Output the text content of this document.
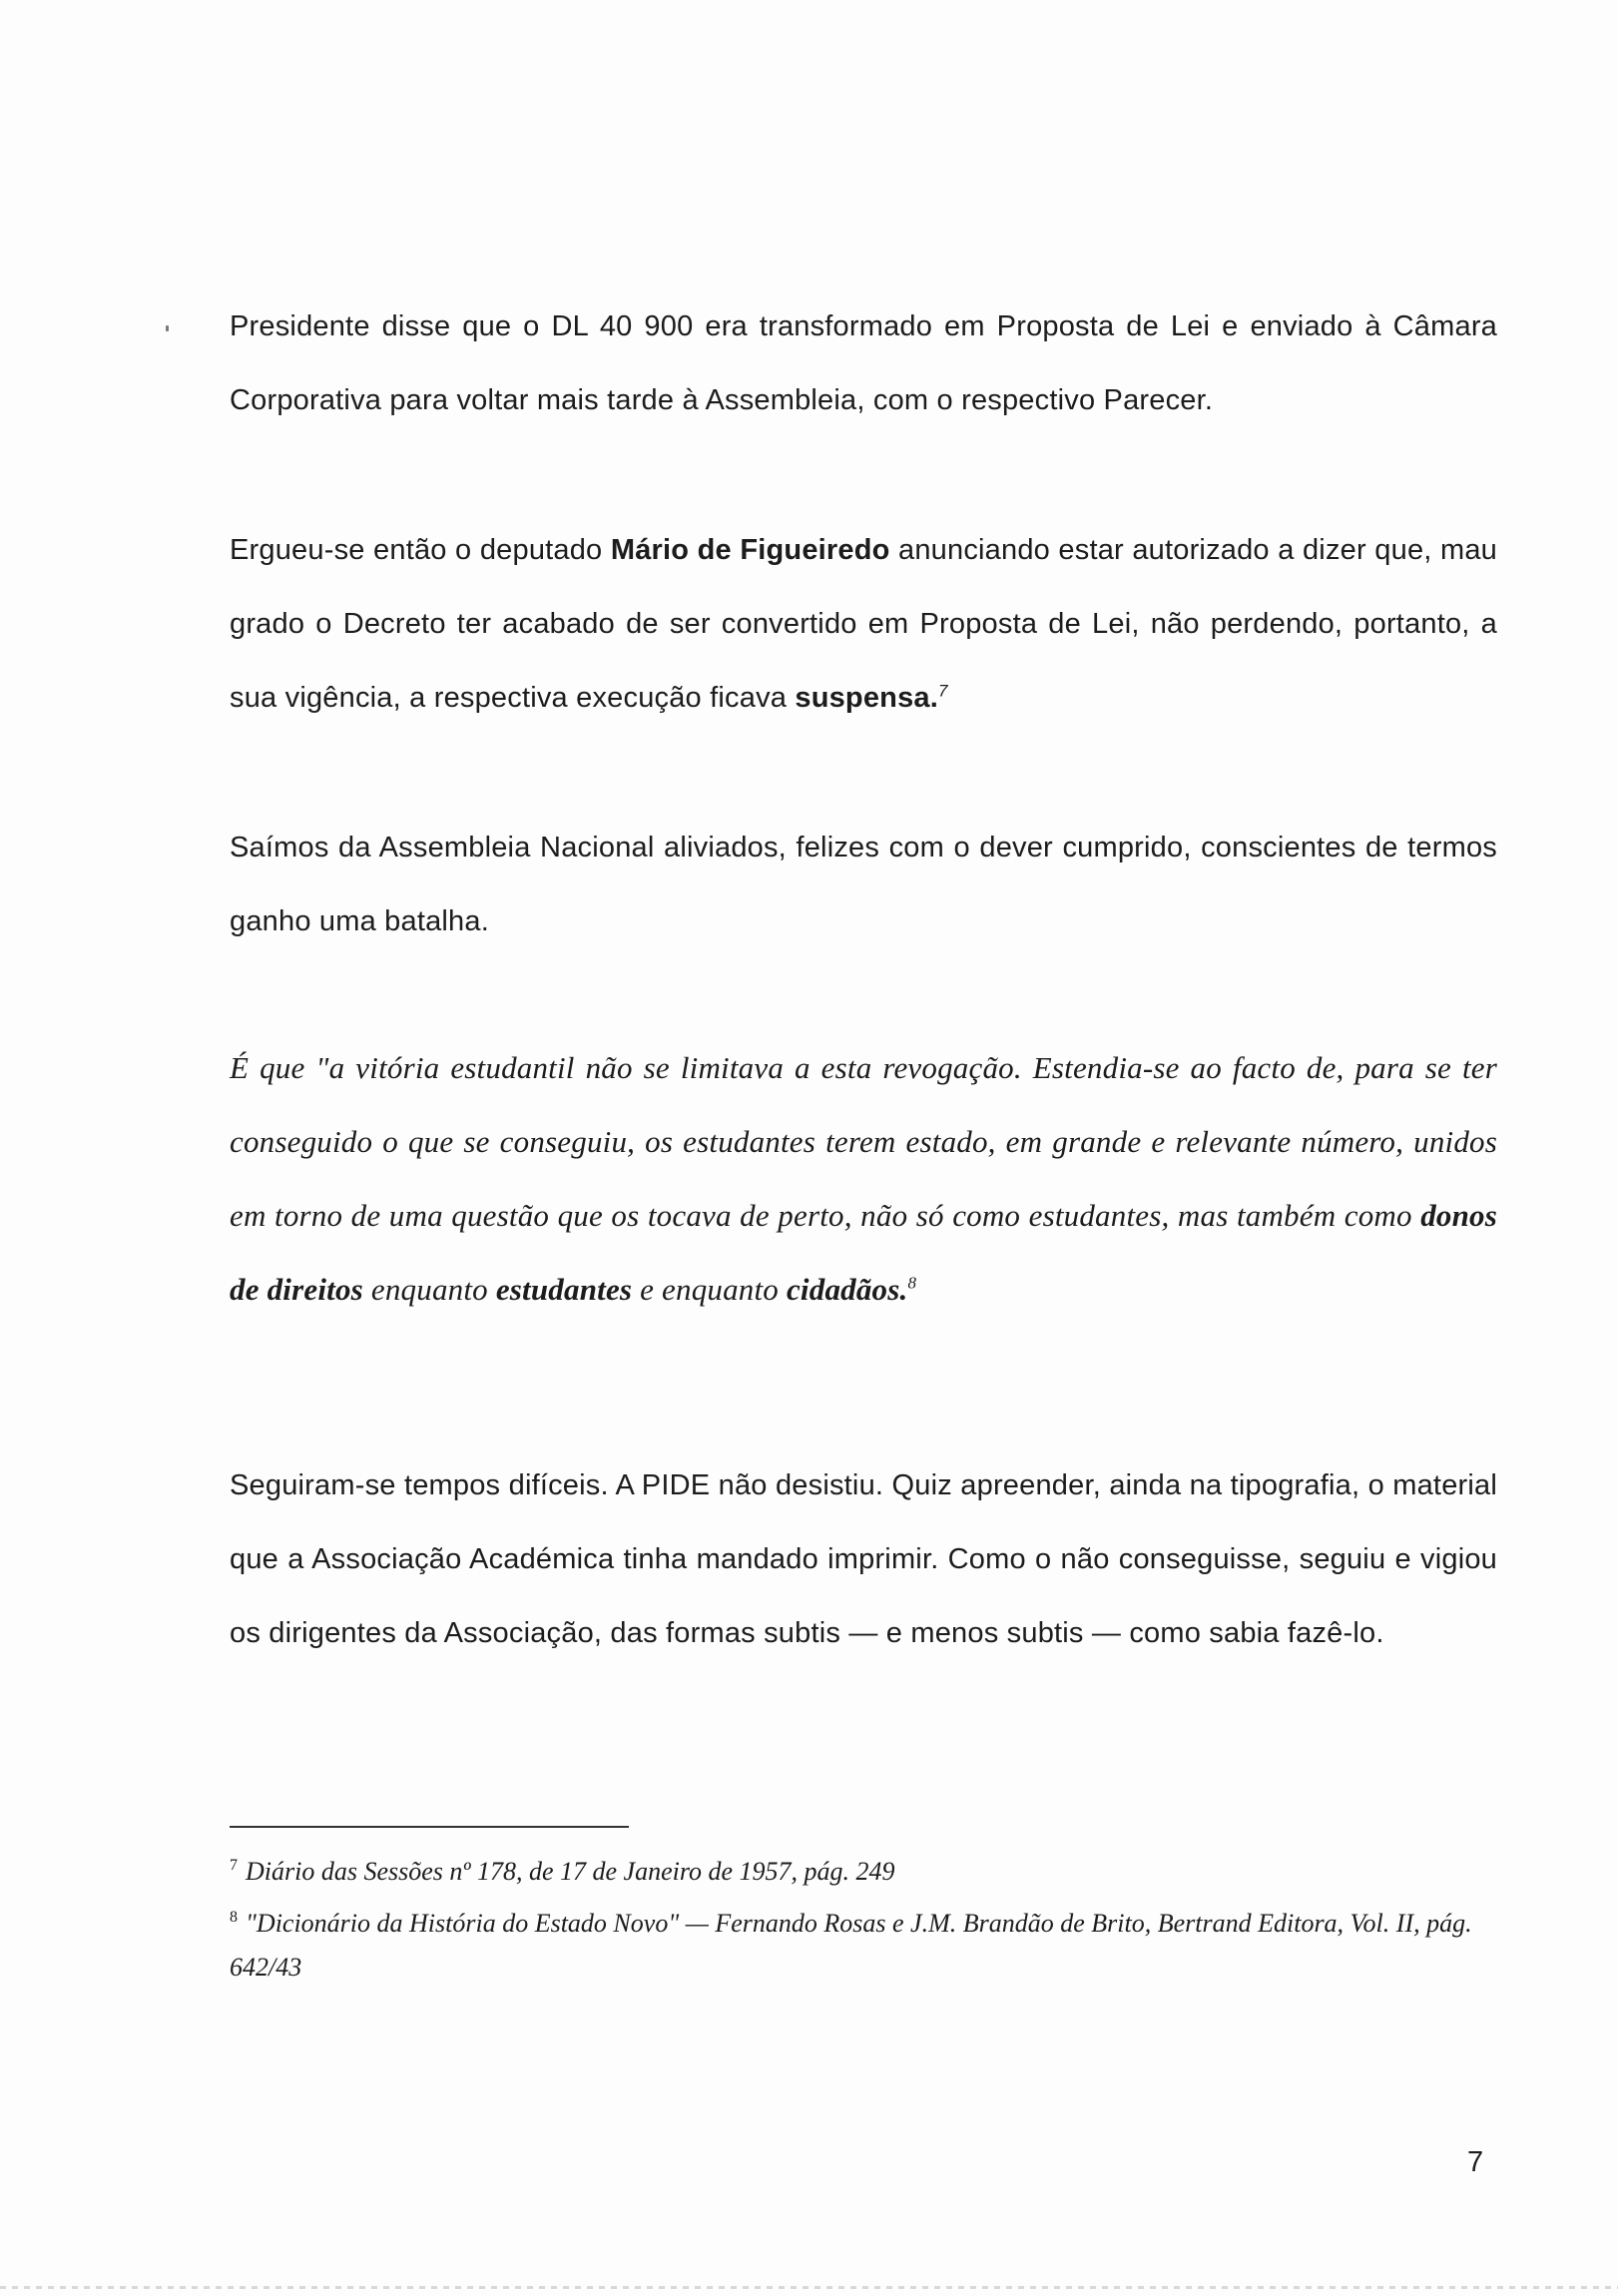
Presidente disse que o DL 40 900 era transformado em Proposta de Lei e enviado à Câmara Corporativa para voltar mais tarde à Assembleia, com o respectivo Parecer.

Ergueu-se então o deputado Mário de Figueiredo anunciando estar autorizado a dizer que, mau grado o Decreto ter acabado de ser convertido em Proposta de Lei, não perdendo, portanto, a sua vigência, a respectiva execução ficava suspensa.$^7$

Saímos da Assembleia Nacional aliviados, felizes com o dever cumprido, conscientes de termos ganho uma batalha.

É que "a vitória estudantil não se limitava a esta revogação. Estendia-se ao facto de, para se ter conseguido o que se conseguiu, os estudantes terem estado, em grande e relevante número, unidos em torno de uma questão que os tocava de perto, não só como estudantes, mas também como donos de direitos enquanto estudantes e enquanto cidadãos.$^8$

Seguiram-se tempos difíceis. A PIDE não desistiu. Quiz apreender, ainda na tipografia, o material que a Associação Académica tinha mandado imprimir. Como o não conseguisse, seguiu e vigiou os dirigentes da Associação, das formas subtis — e menos subtis — como sabia fazê-lo.

$^7$ Diário das Sessões nº 178, de 17 de Janeiro de 1957, pág. 249

$^8$ "Dicionário da História do Estado Novo" — Fernando Rosas e J.M. Brandão de Brito, Bertrand Editora, Vol. II, pág. 642/43

7
